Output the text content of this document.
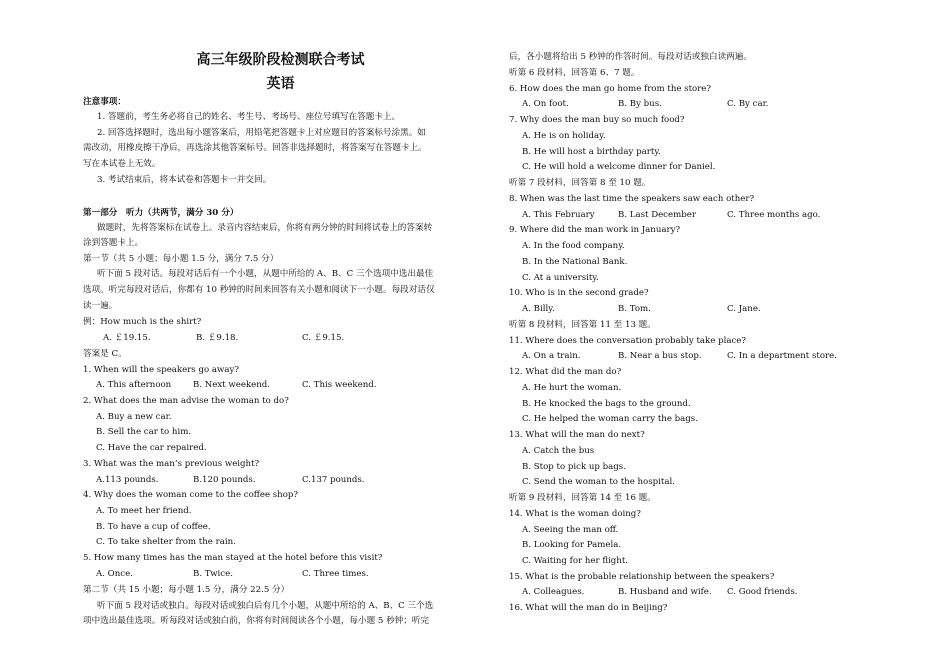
高三年级阶段检测联合考试
英语
注意事项：
1. 答题前，考生务必将自己的姓名、考生号、考场号、座位号填写在答题卡上。
2. 回答选择题时，选出每小题答案后，用铅笔把答题卡上对应题目的答案标号涂黑。如
需改动，用橡皮擦干净后，再选涂其他答案标号。回答非选择题时，将答案写在答题卡上。
写在本试卷上无效。
3. 考试结束后，将本试卷和答题卡一并交回。
第一部分　听力（共两节，满分 30 分）
做题时，先将答案标在试卷上。录音内容结束后，你将有两分钟的时间将试卷上的答案转
涂到答题卡上。
第一节（共 5 小题；每小题 1.5 分，满分 7.5 分）
听下面 5 段对话。每段对话后有一个小题，从题中所给的 A、B、C 三个选项中选出最佳
选项。听完每段对话后，你都有 10 秒钟的时间来回答有关小题和阅读下一小题。每段对话仅
读一遍。
例：How much is the shirt?
A. ￡19.15.	B. ￡9.18.	C. ￡9.15.
答案是 C。
1. When will the speakers go away?
A. This afternoon	B. Next weekend.	C. This weekend.
2. What does the man advise the woman to do?
A. Buy a new car.
B. Sell the car to him.
C. Have the car repaired.
3. What was the man’s previous weight?
A.113 pounds.	B.120 pounds.	C.137 pounds.
4. Why does the woman come to the coffee shop?
A. To meet her friend.
B. To have a cup of coffee.
C. To take shelter from the rain.
5. How many times has the man stayed at the hotel before this visit?
A. Once.	B. Twice.	C. Three times.
第二节（共 15 小题；每小题 1.5 分，满分 22.5 分）
听下面 5 段对话或独白。每段对话或独白后有几个小题，从题中所给的 A、B、C 三个选
项中选出最佳选项。听每段对话或独白前，你将有时间阅读各个小题，每小题 5 秒钟；听完
后，各小题将给出 5 秒钟的作答时间。每段对话或独白读两遍。
听第 6 段材料，回答第 6、7 题。
6. How does the man go home from the store?
A. On foot.	B. By bus.	C. By car.
7. Why does the man buy so much food?
A. He is on holiday.
B. He will host a birthday party.
C. He will hold a welcome dinner for Daniel.
听第 7 段材料，回答第 8 至 10 题。
8. When was the last time the speakers saw each other?
A. This February	B. Last December	C. Three months ago.
9. Where did the man work in January?
A. In the food company.
B. In the National Bank.
C. At a university.
10. Who is in the second grade?
A. Billy.	B. Tom.	C. Jane.
听第 8 段材料，回答第 11 至 13 题。
11. Where does the conversation probably take place?
A. On a train.	B. Near a bus stop.	C. In a department store.
12. What did the man do?
A. He hurt the woman.
B. He knocked the bags to the ground.
C. He helped the woman carry the bags.
13. What will the man do next?
A. Catch the bus
B. Stop to pick up bags.
C. Send the woman to the hospital.
听第 9 段材料，回答第 14 至 16 题。
14. What is the woman doing?
A. Seeing the man off.
B. Looking for Pamela.
C. Waiting for her flight.
15. What is the probable relationship between the speakers?
A. Colleagues.	B. Husband and wife. C. Good friends.
16. What will the man do in Beijing?
